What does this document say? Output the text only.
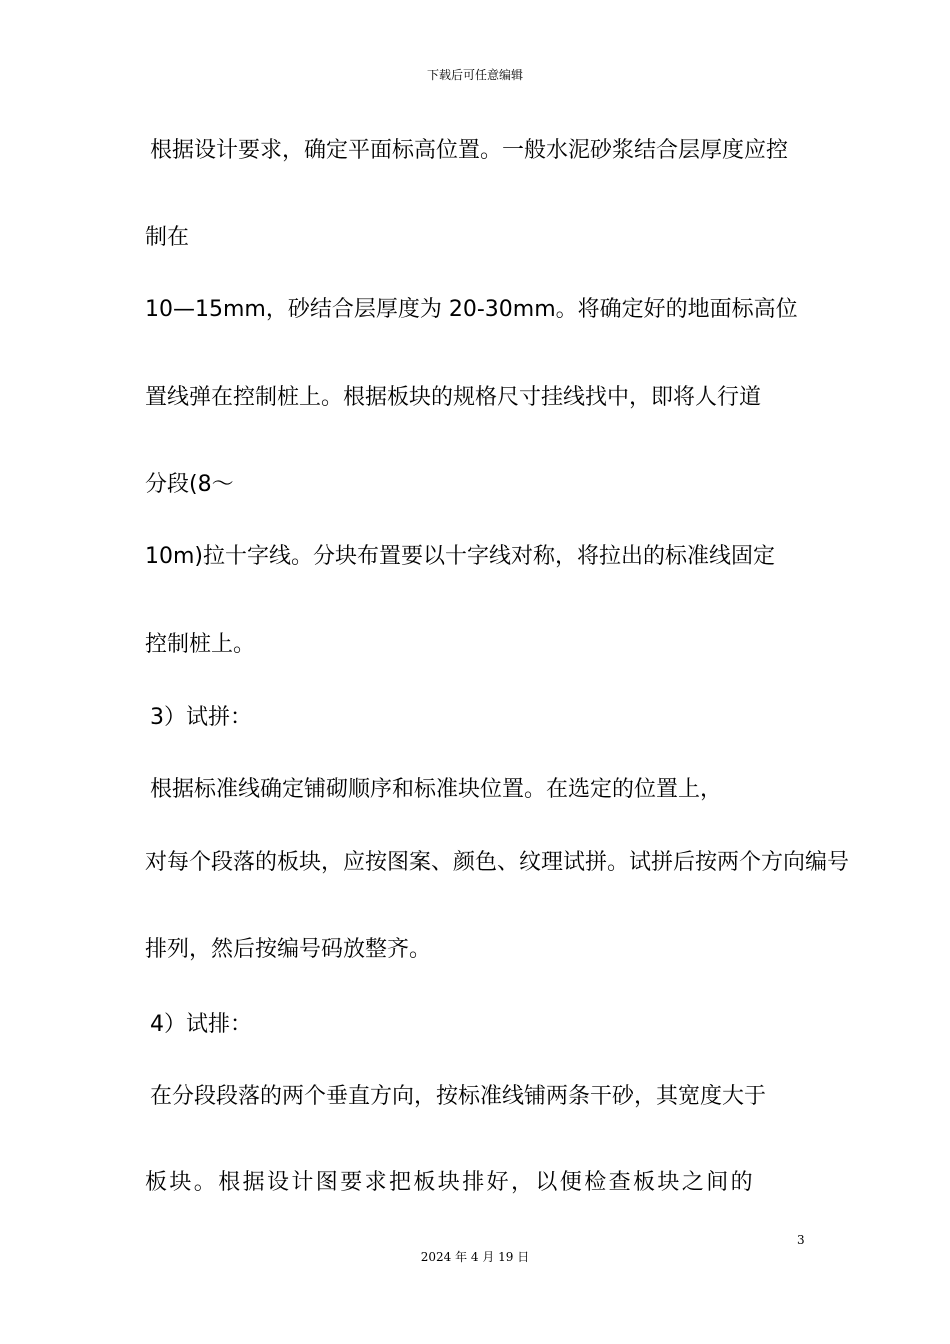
下载后可任意编辑
根据设计要求，确定平面标高位置。一般水泥砂浆结合层厚度应控
制在
10—15mm，砂结合层厚度为 20-30mm。将确定好的地面标高位
置线弹在控制桩上。根据板块的规格尺寸挂线找中，即将人行道
分段(8～
10m)拉十字线。分块布置要以十字线对称，将拉出的标准线固定
控制桩上。
3）试拼：
根据标准线确定铺砌顺序和标准块位置。在选定的位置上，
对每个段落的板块，应按图案、颜色、纹理试拼。试拼后按两个方向编号
排列，然后按编号码放整齐。
4）试排：
在分段段落的两个垂直方向，按标准线铺两条干砂，其宽度大于
板块。根据设计图要求把板块排好，以便检查板块之间的
3
2024 年 4 月 19 日
